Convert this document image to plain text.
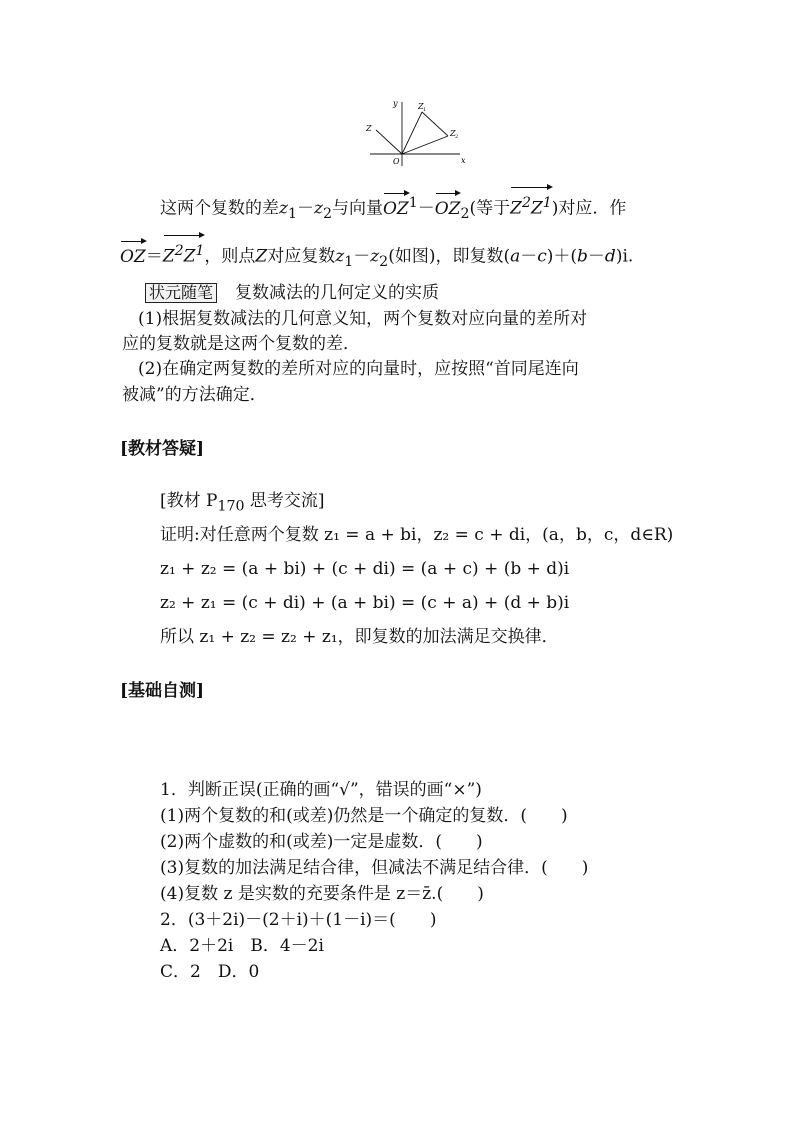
y
x
O
Z
Z 1
Z 2
这两个复数的差$z_1-z_2$与向量$OZ^1-OZ_2$(等于$Z^2Z^1$)对应．作
$OZ=Z^2Z^1$，则点Z对应复数$z_1-z_2$(如图)，即复数(a－c)＋(b－d)i.
状元随笔 复数减法的几何定义的实质
(1)根据复数减法的几何意义知，两个复数对应向量的差所对
应的复数就是这两个复数的差．
(2)在确定两复数的差所对应的向量时，应按照“首同尾连向
被减”的方法确定．
[教材答疑]
[教材 $P_{170}$ 思考交流]
证明:对任意两个复数 z₁ = a + bi，z₂ = c + di，(a，b，c，d∈R)
z₁ + z₂ = (a + bi) + (c + di) = (a + c) + (b + d)i
z₂ + z₁ = (c + di) + (a + bi) = (c + a) + (d + b)i
所以 z₁ + z₂ = z₂ + z₁，即复数的加法满足交换律．
[基础自测]
1．判断正误(正确的画“√”，错误的画“×”)
(1)两个复数的和(或差)仍然是一个确定的复数．(　　)
(2)两个虚数的和(或差)一定是虚数．(　　)
(3)复数的加法满足结合律，但减法不满足结合律．(　　)
(4)复数 z 是实数的充要条件是 z＝z̄.(　　)
2．(3＋2i)－(2＋i)＋(1－i)＝(　　)
A．2＋2i　B．4－2i
C．2　D．0
